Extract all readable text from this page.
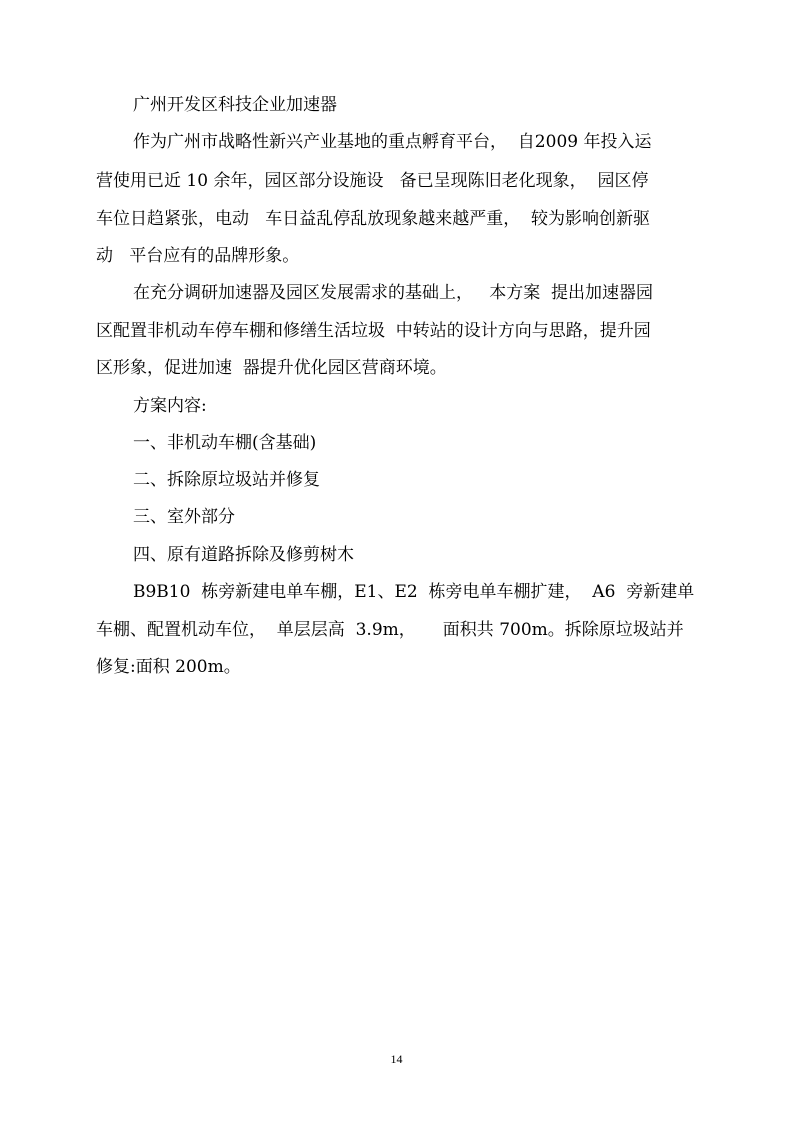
广州开发区科技企业加速器
作为广州市战略性新兴产业基地的重点孵育平台，  自2009 年投入运
营使用已近 10 余年，园区部分设施设   备已呈现陈旧老化现象，  园区停
车位日趋紧张，电动   车日益乱停乱放现象越来越严重，  较为影响创新驱
动   平台应有的品牌形象。
在充分调研加速器及园区发展需求的基础上，   本方案  提出加速器园
区配置非机动车停车棚和修缮生活垃圾  中转站的设计方向与思路，提升园
区形象，促进加速  器提升优化园区营商环境。
方案内容:
一、非机动车棚(含基础)
二、拆除原垃圾站并修复
三、室外部分
四、原有道路拆除及修剪树木
B9B10  栋旁新建电单车棚，E1、E2  栋旁电单车棚扩建，  A6  旁新建单
车棚、配置机动车位，  单层层高  3.9m，     面积共 700m。拆除原垃圾站并
修复:面积 200m。
14
